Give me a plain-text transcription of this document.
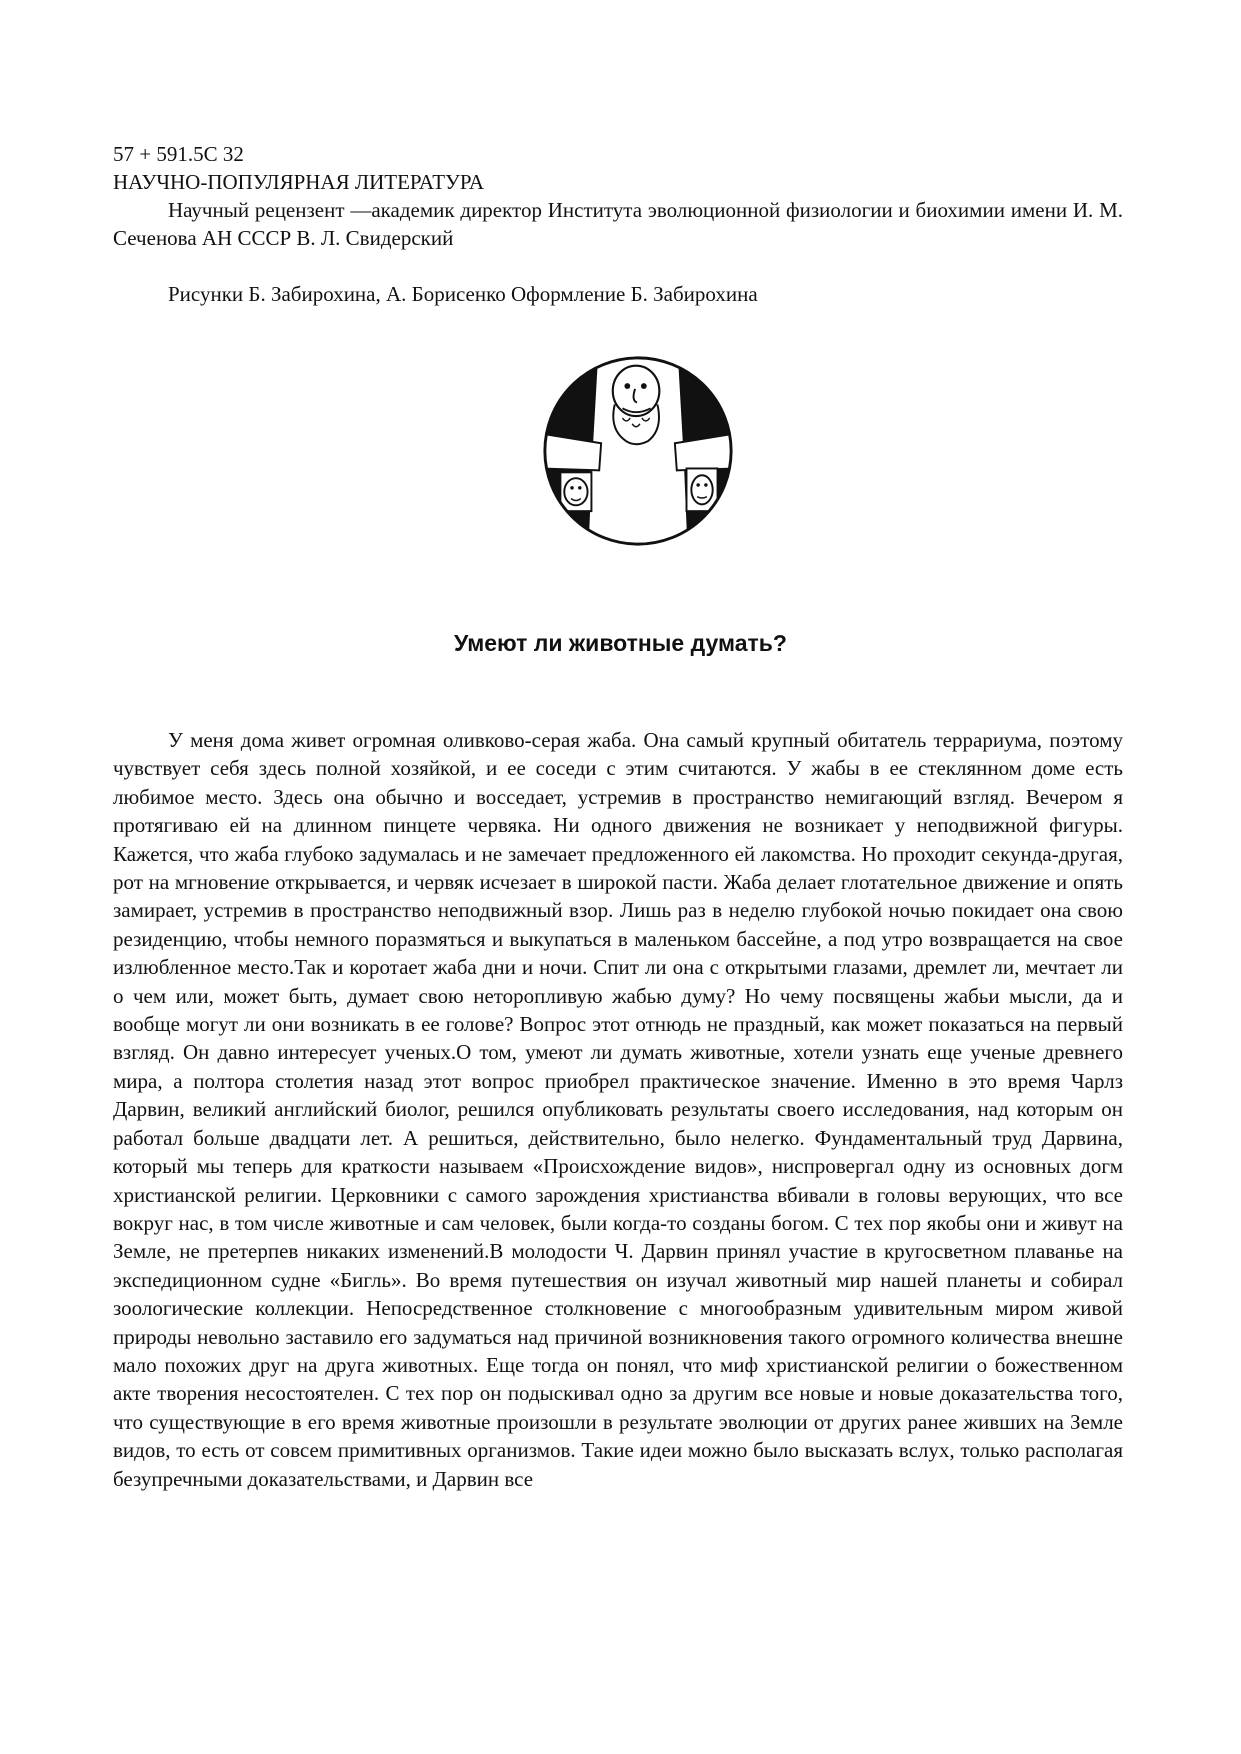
57 + 591.5С 32

НАУЧНО-ПОПУЛЯРНАЯ ЛИТЕРАТУРА

Научный рецензент —академик директор Института эволюционной физиологии и биохимии имени И. М. Сеченова АН СССР В. Л. Свидерский

Рисунки Б. Забирохина, А. Борисенко Оформление Б. Забирохина

Умеют ли животные думать?

У меня дома живет огромная оливково-серая жаба. Она самый крупный обитатель террариума, поэтому чувствует себя здесь полной хозяйкой, и ее соседи с этим считаются. У жабы в ее стеклянном доме есть любимое место. Здесь она обычно и восседает, устремив в пространство немигающий взгляд. Вечером я протягиваю ей на длинном пинцете червяка. Ни одного движения не возникает у неподвижной фигуры. Кажется, что жаба глубоко задумалась и не замечает предложенного ей лакомства. Но проходит секунда-другая, рот на мгновение открывается, и червяк исчезает в широкой пасти. Жаба делает глотательное движение и опять замирает, устремив в пространство неподвижный взор. Лишь раз в неделю глубокой ночью покидает она свою резиденцию, чтобы немного поразмяться и выкупаться в маленьком бассейне, а под утро возвращается на свое излюбленное место.Так и коротает жаба дни и ночи. Спит ли она с открытыми глазами, дремлет ли, мечтает ли о чем или, может быть, думает свою неторопливую жабью думу? Но чему посвящены жабьи мысли, да и вообще могут ли они возникать в ее голове? Вопрос этот отнюдь не праздный, как может показаться на первый взгляд. Он давно интересует ученых.О том, умеют ли думать животные, хотели узнать еще ученые древнего мира, а полтора столетия назад этот вопрос приобрел практическое значение. Именно в это время Чарлз Дарвин, великий английский биолог, решился опубликовать результаты своего исследования, над которым он работал больше двадцати лет. А решиться, действительно, было нелегко. Фундаментальный труд Дарвина, который мы теперь для краткости называем «Происхождение видов», ниспровергал одну из основных догм христианской религии. Церковники с самого зарождения христианства вбивали в головы верующих, что все вокруг нас, в том числе животные и сам человек, были когда-то созданы богом. С тех пор якобы они и живут на Земле, не претерпев никаких изменений.В молодости Ч. Дарвин принял участие в кругосветном плаванье на экспедиционном судне «Бигль». Во время путешествия он изучал животный мир нашей планеты и собирал зоологические коллекции. Непосредственное столкновение с многообразным удивительным миром живой природы невольно заставило его задуматься над причиной возникновения такого огромного количества внешне мало похожих друг на друга животных. Еще тогда он понял, что миф христианской религии о божественном акте творения несостоятелен. С тех пор он подыскивал одно за другим все новые и новые доказательства того, что существующие в его время животные произошли в результате эволюции от других ранее живших на Земле видов, то есть от совсем примитивных организмов. Такие идеи можно было высказать вслух, только располагая безупречными доказательствами, и Дарвин все
